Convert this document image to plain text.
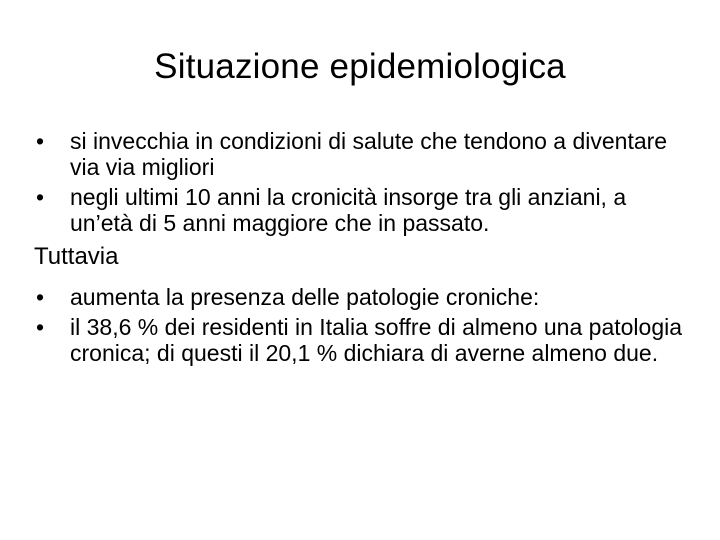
Situazione epidemiologica
•	si invecchia in condizioni di salute che tendono a diventare via via migliori
•	negli ultimi 10 anni la cronicità insorge tra gli anziani, a un’età di 5 anni maggiore che in passato.
Tuttavia
•	aumenta la presenza delle patologie croniche:
•	il 38,6 % dei residenti in Italia soffre di almeno una patologia cronica; di questi il 20,1 % dichiara di averne almeno due.
